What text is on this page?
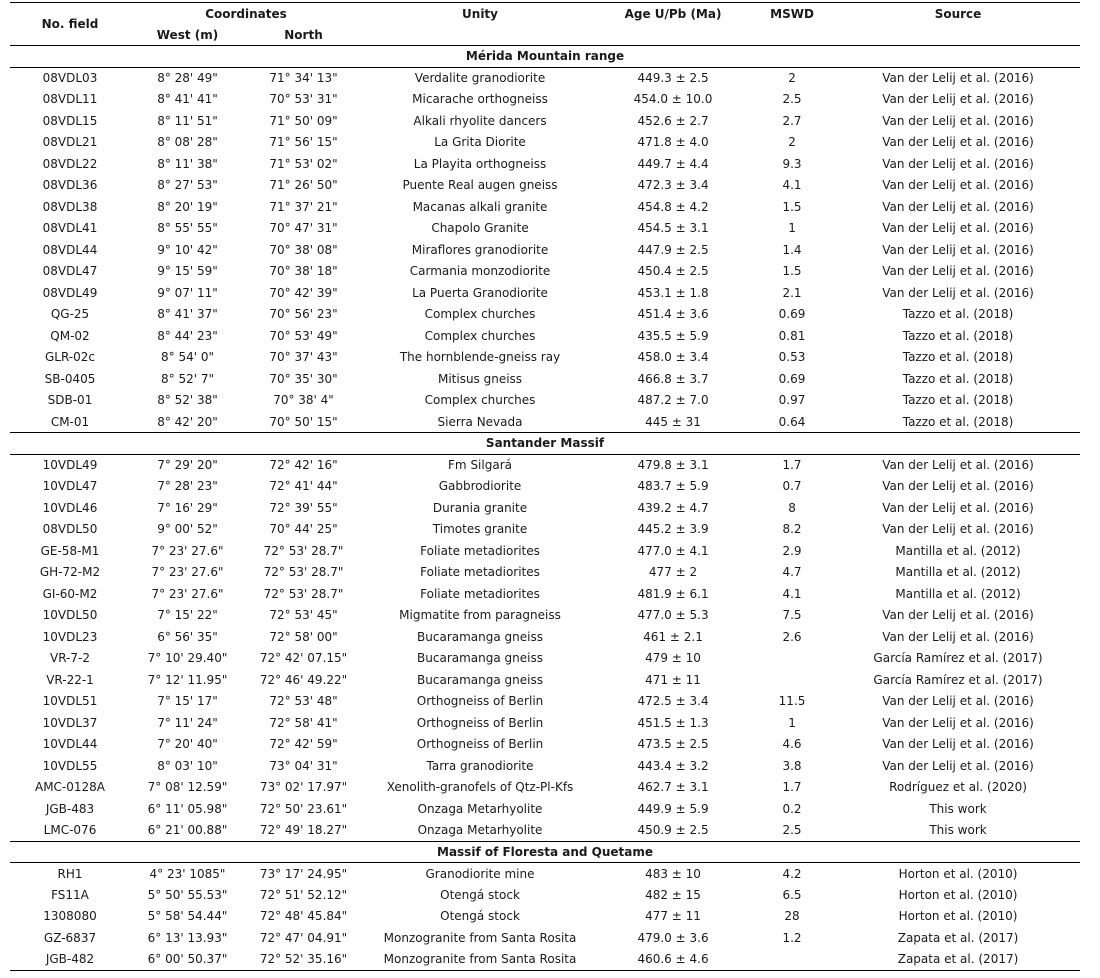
No. field	Coordinates		Unity	Age U/Pb (Ma)	MSWD	Source
	West (m)	North				
Mérida Mountain range						
08VDL03	8° 28' 49"	71° 34' 13"	Verdalite granodiorite	449.3 ± 2.5	2	Van der Lelij et al. (2016)
08VDL11	8° 41' 41"	70° 53' 31"	Micarache orthogneiss	454.0 ± 10.0	2.5	Van der Lelij et al. (2016)
08VDL15	8° 11' 51"	71° 50' 09"	Alkali rhyolite dancers	452.6 ± 2.7	2.7	Van der Lelij et al. (2016)
08VDL21	8° 08' 28"	71° 56' 15"	La Grita Diorite	471.8 ± 4.0	2	Van der Lelij et al. (2016)
08VDL22	8° 11' 38"	71° 53' 02"	La Playita orthogneiss	449.7 ± 4.4	9.3	Van der Lelij et al. (2016)
08VDL36	8° 27' 53"	71° 26' 50"	Puente Real augen gneiss	472.3 ± 3.4	4.1	Van der Lelij et al. (2016)
08VDL38	8° 20' 19"	71° 37' 21"	Macanas alkali granite	454.8 ± 4.2	1.5	Van der Lelij et al. (2016)
08VDL41	8° 55' 55"	70° 47' 31"	Chapolo Granite	454.5 ± 3.1	1	Van der Lelij et al. (2016)
08VDL44	9° 10' 42"	70° 38' 08"	Miraflores granodiorite	447.9 ± 2.5	1.4	Van der Lelij et al. (2016)
08VDL47	9° 15' 59"	70° 38' 18"	Carmania monzodiorite	450.4 ± 2.5	1.5	Van der Lelij et al. (2016)
08VDL49	9° 07' 11"	70° 42' 39"	La Puerta Granodiorite	453.1 ± 1.8	2.1	Van der Lelij et al. (2016)
QG-25	8° 41' 37"	70° 56' 23"	Complex churches	451.4 ± 3.6	0.69	Tazzo et al. (2018)
QM-02	8° 44' 23"	70° 53' 49"	Complex churches	435.5 ± 5.9	0.81	Tazzo et al. (2018)
GLR-02c	8° 54' 0"	70° 37' 43"	The hornblende-gneiss ray	458.0 ± 3.4	0.53	Tazzo et al. (2018)
SB-0405	8° 52' 7"	70° 35' 30"	Mitisus gneiss	466.8 ± 3.7	0.69	Tazzo et al. (2018)
SDB-01	8° 52' 38"	70° 38' 4"	Complex churches	487.2 ± 7.0	0.97	Tazzo et al. (2018)
CM-01	8° 42' 20"	70° 50' 15"	Sierra Nevada	445 ± 31	0.64	Tazzo et al. (2018)
Santander Massif						
10VDL49	7° 29' 20"	72° 42' 16"	Fm Silgará	479.8 ± 3.1	1.7	Van der Lelij et al. (2016)
10VDL47	7° 28' 23"	72° 41' 44"	Gabbrodiorite	483.7 ± 5.9	0.7	Van der Lelij et al. (2016)
10VDL46	7° 16' 29"	72° 39' 55"	Durania granite	439.2 ± 4.7	8	Van der Lelij et al. (2016)
08VDL50	9° 00' 52"	70° 44' 25"	Timotes granite	445.2 ± 3.9	8.2	Van der Lelij et al. (2016)
GE-58-M1	7° 23' 27.6"	72° 53' 28.7"	Foliate metadiorites	477.0 ± 4.1	2.9	Mantilla et al. (2012)
GH-72-M2	7° 23' 27.6"	72° 53' 28.7"	Foliate metadiorites	477 ± 2	4.7	Mantilla et al. (2012)
GI-60-M2	7° 23' 27.6"	72° 53' 28.7"	Foliate metadiorites	481.9 ± 6.1	4.1	Mantilla et al. (2012)
10VDL50	7° 15' 22"	72° 53' 45"	Migmatite from paragneiss	477.0 ± 5.3	7.5	Van der Lelij et al. (2016)
10VDL23	6° 56' 35"	72° 58' 00"	Bucaramanga gneiss	461 ± 2.1	2.6	Van der Lelij et al. (2016)
VR-7-2	7° 10' 29.40"	72° 42' 07.15"	Bucaramanga gneiss	479 ± 10		García Ramírez et al. (2017)
VR-22-1	7° 12' 11.95"	72° 46' 49.22"	Bucaramanga gneiss	471 ± 11		García Ramírez et al. (2017)
10VDL51	7° 15' 17"	72° 53' 48"	Orthogneiss of Berlin	472.5 ± 3.4	11.5	Van der Lelij et al. (2016)
10VDL37	7° 11' 24"	72° 58' 41"	Orthogneiss of Berlin	451.5 ± 1.3	1	Van der Lelij et al. (2016)
10VDL44	7° 20' 40"	72° 42' 59"	Orthogneiss of Berlin	473.5 ± 2.5	4.6	Van der Lelij et al. (2016)
10VDL55	8° 03' 10"	73° 04' 31"	Tarra granodiorite	443.4 ± 3.2	3.8	Van der Lelij et al. (2016)
AMC-0128A	7° 08' 12.59"	73° 02' 17.97"	Xenolith-granofels of Qtz-Pl-Kfs	462.7 ± 3.1	1.7	Rodríguez et al. (2020)
JGB-483	6° 11' 05.98"	72° 50' 23.61"	Onzaga Metarhyolite	449.9 ± 5.9	0.2	This work
LMC-076	6° 21' 00.88"	72° 49' 18.27"	Onzaga Metarhyolite	450.9 ± 2.5	2.5	This work
Massif of Floresta and Quetame						
RH1	4° 23' 1085"	73° 17' 24.95"	Granodiorite mine	483 ± 10	4.2	Horton et al. (2010)
FS11A	5° 50' 55.53"	72° 51' 52.12"	Otengá stock	482 ± 15	6.5	Horton et al. (2010)
1308080	5° 58' 54.44"	72° 48' 45.84"	Otengá stock	477 ± 11	28	Horton et al. (2010)
GZ-6837	6° 13' 13.93"	72° 47' 04.91"	Monzogranite from Santa Rosita	479.0 ± 3.6	1.2	Zapata et al. (2017)
JGB-482	6° 00' 50.37"	72° 52' 35.16"	Monzogranite from Santa Rosita	460.6 ± 4.6		Zapata et al. (2017)
